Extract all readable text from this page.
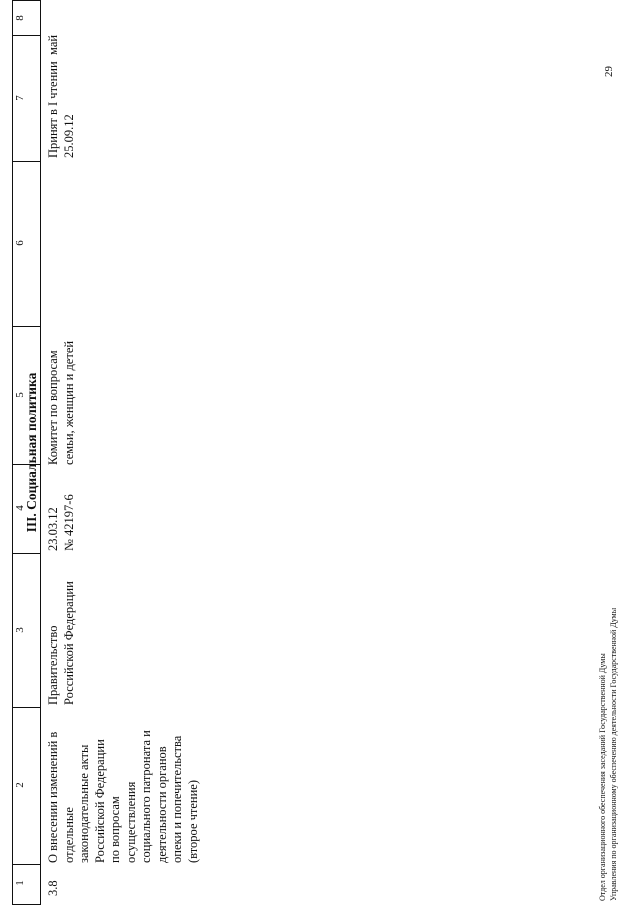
1
2
3
4
5
6
7
8
III. Социальная политика
3.8
О внесении изменений в
отдельные
законодательные акты
Российской Федерации
по вопросам
осуществления
социального патроната и
деятельности органов
опеки и попечительства
(второе чтение)
Правительство
Российской Федерации
23.03.12
№ 42197-6
Комитет по вопросам
семьи, женщин и детей
Принят в I чтении
25.09.12
май
29
Отдел организационного обеспечения заседаний Государственной Думы Управления по организационному обеспечению деятельности Государственной Думы
